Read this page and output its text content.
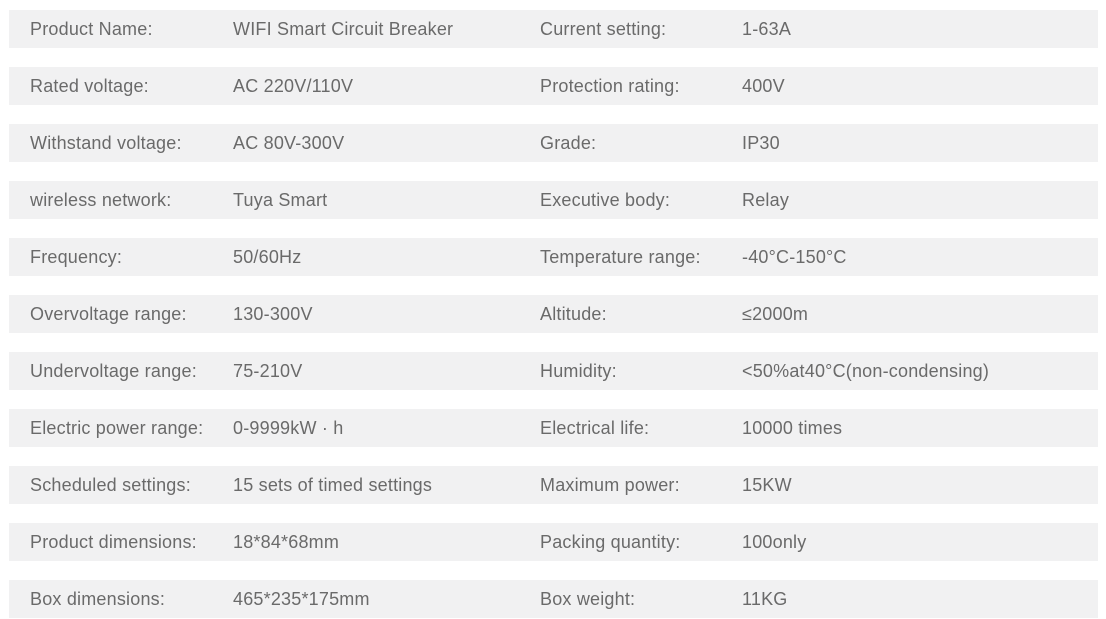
Product Name:	WIFI Smart Circuit Breaker	Current setting:	1-63A
Rated voltage:	AC 220V/110V	Protection rating:	400V
Withstand voltage:	AC 80V-300V	Grade:	IP30
wireless network:	Tuya Smart	Executive body:	Relay
Frequency:	50/60Hz	Temperature range: -40°C-150°C
Overvoltage range:	130-300V	Altitude:	≤2000m
Undervoltage range: 75-210V	Humidity:	<50%at40°C(non-condensing)
Electric power range: 0-9999kW · h	Electrical life:	10000 times
Scheduled settings: 15 sets of timed settings	Maximum power:	15KW
Product dimensions: 18*84*68mm	Packing quantity:	100only
Box dimensions:	465*235*175mm	Box weight:	11KG
